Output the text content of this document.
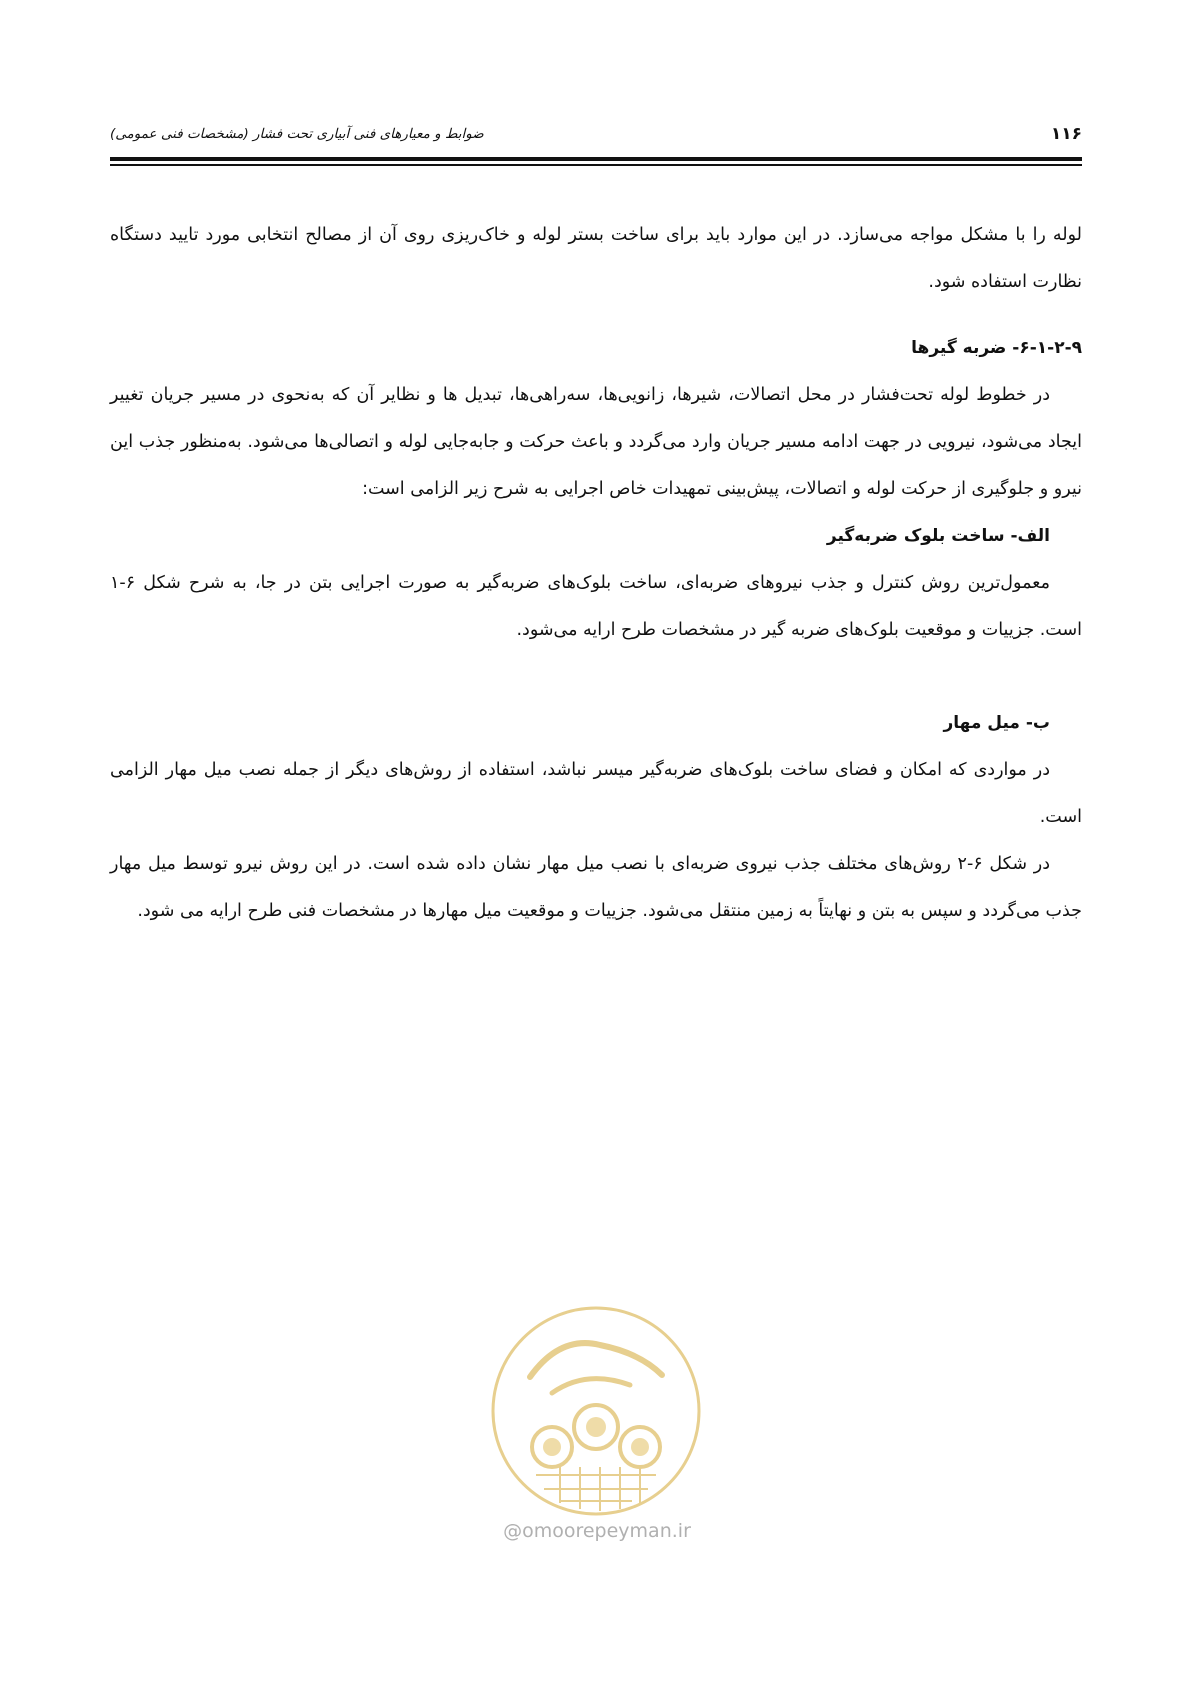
۱۱۶
ضوابط و معیارهای فنی آبیاری تحت فشار (مشخصات فنی عمومی)

لوله را با مشکل مواجه می‌سازد. در این موارد باید برای ساخت بستر لوله و خاک‌ریزی روی آن از مصالح انتخابی مورد تایید دستگاه نظارت استفاده شود.

۶-۱-۲-۹- ضربه گیرها

در خطوط لوله تحت‌فشار در محل اتصالات، شیرها، زانویی‌ها، سه‌راهی‌ها، تبدیل ها و نظایر آن که به‌نحوی در مسیر جریان تغییر ایجاد می‌شود، نیرویی در جهت ادامه مسیر جریان وارد می‌گردد و باعث حرکت و جابه‌جایی لوله و اتصالی‌ها می‌شود. به‌منظور جذب این نیرو و جلوگیری از حرکت لوله و اتصالات، پیش‌بینی تمهیدات خاص اجرایی به شرح زیر الزامی است:

الف- ساخت بلوک ضربه‌گیر

معمول‌ترین روش کنترل و جذب نیروهای ضربه‌ای، ساخت بلوک‌های ضربه‌گیر به صورت اجرایی بتن در جا، به شرح شکل ۶-۱ است. جزییات و موقعیت بلوک‌های ضربه گیر در مشخصات طرح ارایه می‌شود.

ب- میل مهار

در مواردی که امکان و فضای ساخت بلوک‌های ضربه‌گیر میسر نباشد، استفاده از روش‌های دیگر از جمله نصب میل مهار الزامی است.

در شکل ۶-۲ روش‌های مختلف جذب نیروی ضربه‌ای با نصب میل مهار نشان داده شده است. در این روش نیرو توسط میل مهار جذب می‌گردد و سپس به بتن و نهایتاً به زمین منتقل می‌شود. جزییات و موقعیت میل مهارها در مشخصات فنی طرح ارایه می شود.

@omoorepeyman.ir
